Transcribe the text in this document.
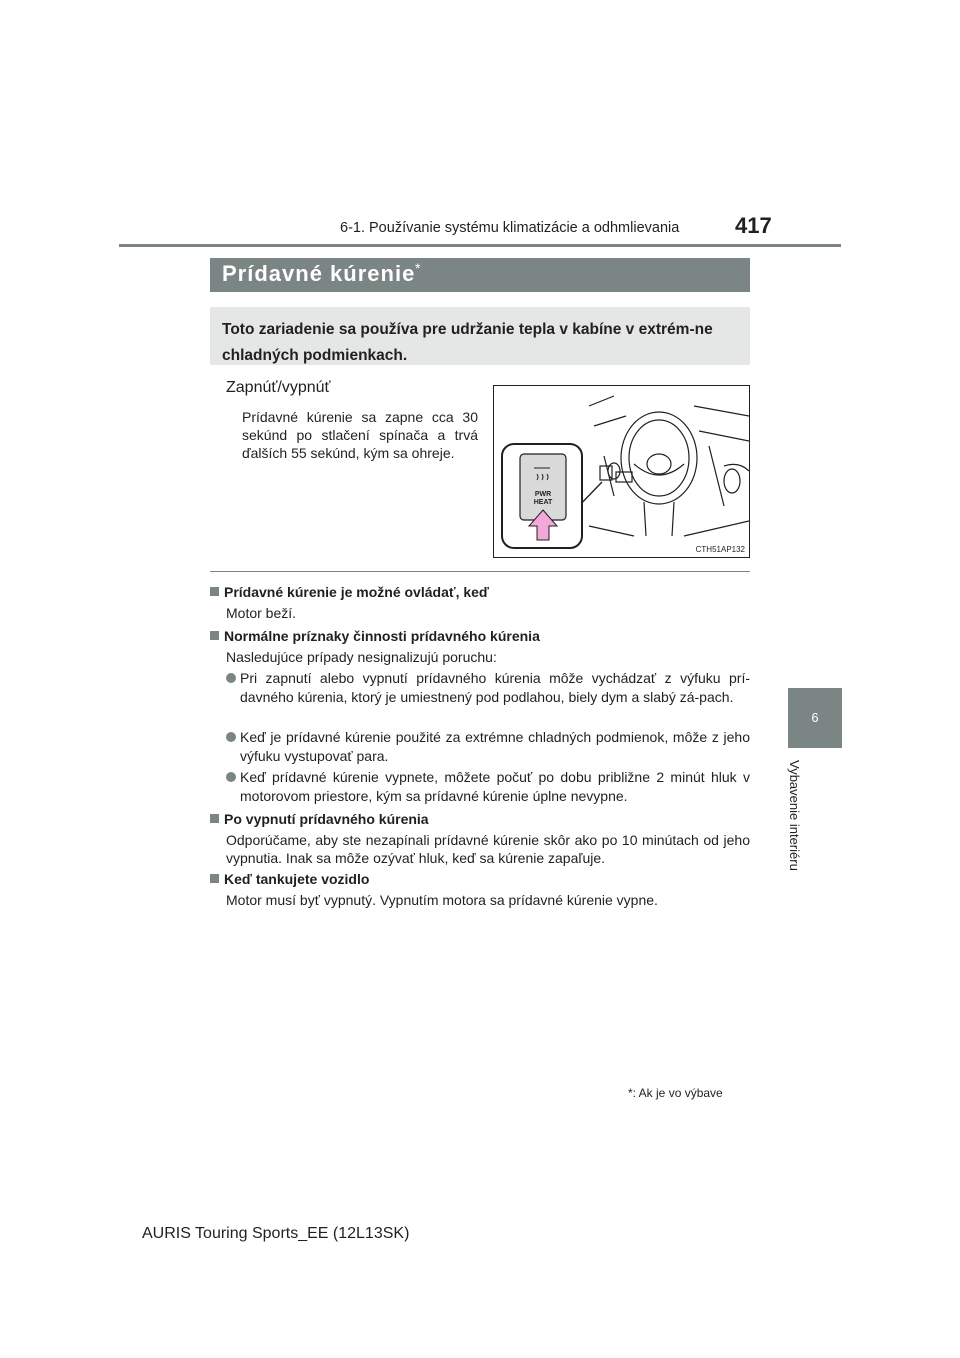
6-1. Používanie systému klimatizácie a odhmlievania	417
6
Vybavenie interiéru
Prídavné kúrenie *
Toto zariadenie sa používa pre udržanie tepla v kabíne v extrém-ne chladných podmienkach.
Zapnúť/vypnúť
Prídavné kúrenie sa zapne cca 30 sekúnd po stlačení spínača a trvá ďalších 55 sekúnd, kým sa ohreje.
PWR
HEAT
CTH51AP132
Prídavné kúrenie je možné ovládať, keď
Motor beží.
Normálne príznaky činnosti prídavného kúrenia
Nasledujúce prípady nesignalizujú poruchu:
Pri zapnutí alebo vypnutí prídavného kúrenia môže vychádzať z výfuku prí-davného kúrenia, ktorý je umiestnený pod podlahou, biely dym a slabý zá-pach.
Keď je prídavné kúrenie použité za extrémne chladných podmienok, môže z jeho výfuku vystupovať para.
Keď prídavné kúrenie vypnete, môžete počuť po dobu približne 2 minút hluk v motorovom priestore, kým sa prídavné kúrenie úplne nevypne.
Po vypnutí prídavného kúrenia
Odporúčame, aby ste nezapínali prídavné kúrenie skôr ako po 10 minútach od jeho vypnutia. Inak sa môže ozývať hluk, keď sa kúrenie zapaľuje.
Keď tankujete vozidlo
Motor musí byť vypnutý. Vypnutím motora sa prídavné kúrenie vypne.
*: Ak je vo výbave
AURIS Touring Sports_EE (12L13SK)
